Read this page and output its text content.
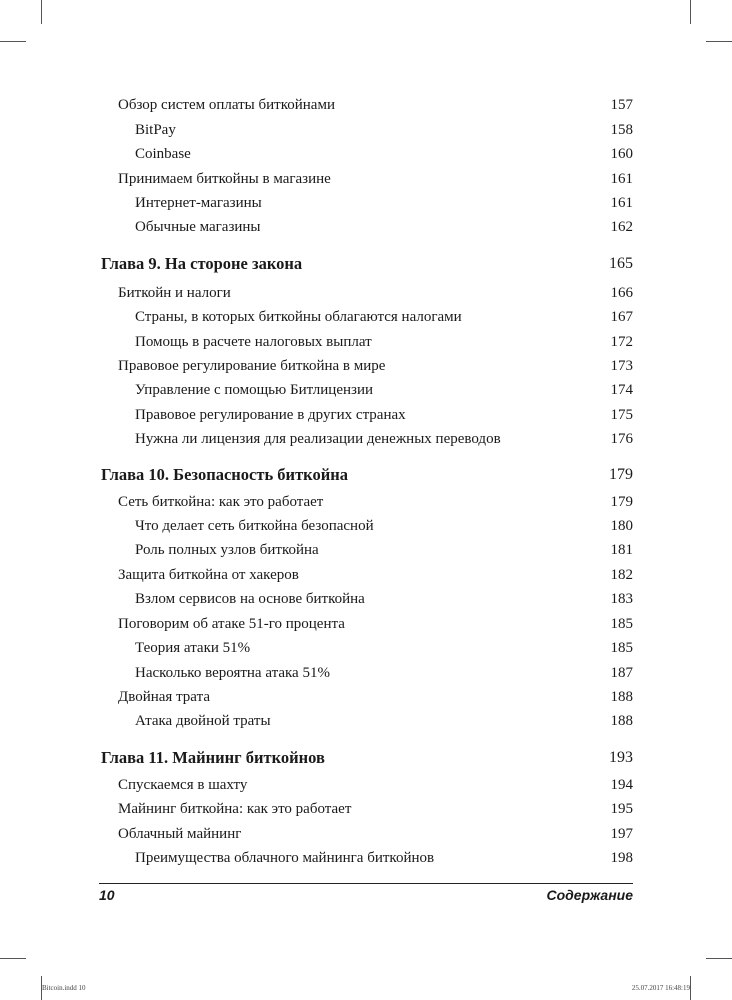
Обзор систем оплаты биткойнами	157
BitPay	158
Coinbase	160
Принимаем биткойны в магазине	161
Интернет-магазины	161
Обычные магазины	162
Глава 9. На стороне закона	165
Биткойн и налоги	166
Страны, в которых биткойны облагаются налогами	167
Помощь в расчете налоговых выплат	172
Правовое регулирование биткойна в мире	173
Управление с помощью Битлицензии	174
Правовое регулирование в других странах	175
Нужна ли лицензия для реализации денежных переводов	176
Глава 10. Безопасность биткойна	179
Сеть биткойна: как это работает	179
Что делает сеть биткойна безопасной	180
Роль полных узлов биткойна	181
Защита биткойна от хакеров	182
Взлом сервисов на основе биткойна	183
Поговорим об атаке 51-го процента	185
Теория атаки 51%	185
Насколько вероятна атака 51%	187
Двойная трата	188
Атака двойной траты	188
Глава 11. Майнинг биткойнов	193
Спускаемся в шахту	194
Майнинг биткойна: как это работает	195
Облачный майнинг	197
Преимущества облачного майнинга биткойнов	198
10	Содержание
Bitcoin.indd 10	25.07.2017 16:48:19
